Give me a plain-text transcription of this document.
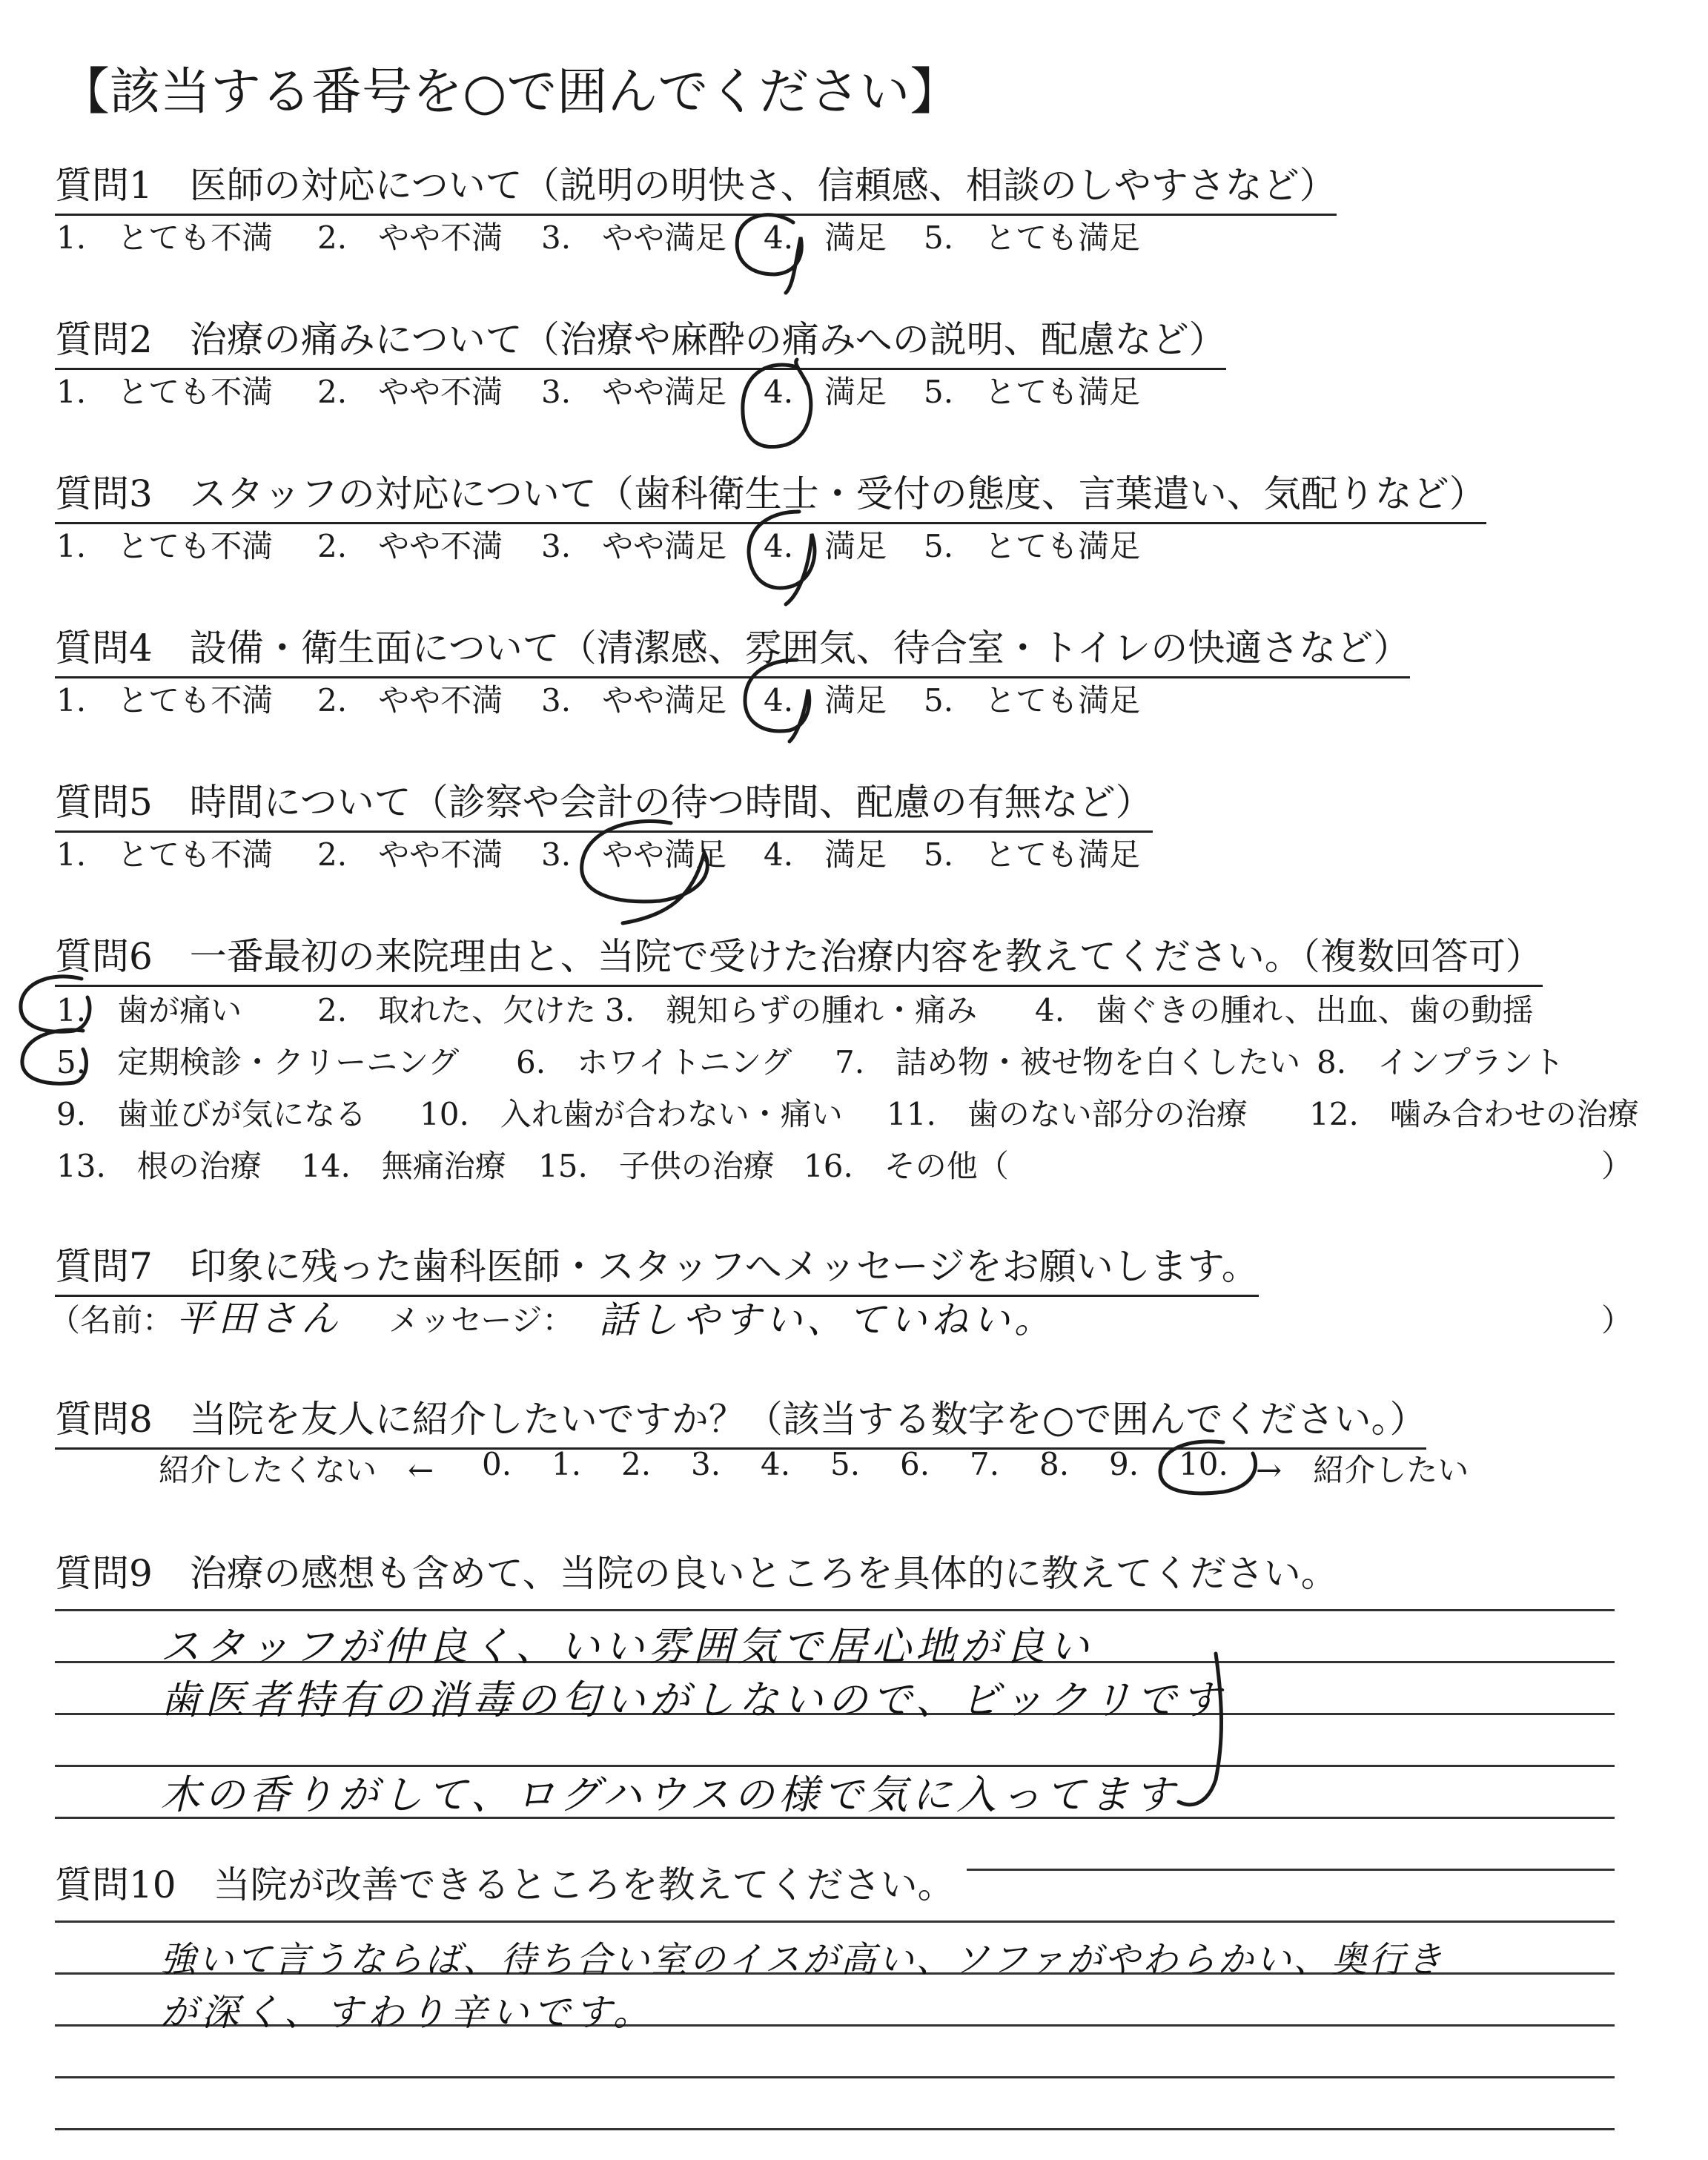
【該当する番号を○で囲んでください】
質問1　医師の対応について（説明の明快さ、信頼感、相談のしやすさなど）
1.　とても不満 2.　やや不満 3.　やや満足 4.　満足 5.　とても満足
質問2　治療の痛みについて（治療や麻酔の痛みへの説明、配慮など）
1.　とても不満 2.　やや不満 3.　やや満足 4.　満足 5.　とても満足
質問3　スタッフの対応について（歯科衛生士・受付の態度、言葉遣い、気配りなど）
1.　とても不満 2.　やや不満 3.　やや満足 4.　満足 5.　とても満足
質問4　設備・衛生面について（清潔感、雰囲気、待合室・トイレの快適さなど）
1.　とても不満 2.　やや不満 3.　やや満足 4.　満足 5.　とても満足
質問5　時間について（診察や会計の待つ時間、配慮の有無など）
1.　とても不満 2.　やや不満 3.　やや満足 4.　満足 5.　とても満足
質問6　一番最初の来院理由と、当院で受けた治療内容を教えてください。（複数回答可）
1.　歯が痛い 2.　取れた、欠けた 3.　親知らずの腫れ・痛み 4.　歯ぐきの腫れ、出血、歯の動揺
5.　定期検診・クリーニング 6.　ホワイトニング 7.　詰め物・被せ物を白くしたい 8.　インプラント
9.　歯並びが気になる 10.　入れ歯が合わない・痛い 11.　歯のない部分の治療 12.　噛み合わせの治療
13.　根の治療 14.　無痛治療 15.　子供の治療 16.　その他（	）
質問7　印象に残った歯科医師・スタッフへメッセージをお願いします。
（名前： 平田さん メッセージ： 話しやすい、ていねい。	）
質問8　当院を友人に紹介したいですか？（該当する数字を○で囲んでください。）
紹介したくない　← 0. 1. 2. 3. 4. 5. 6. 7. 8. 9. 10. →　紹介したい
質問9　治療の感想も含めて、当院の良いところを具体的に教えてください。
スタッフが仲良く、いい雰囲気で居心地が良い
歯医者特有の消毒の匂いがしないので、ビックリです
木の香りがして、ログハウスの様で気に入ってます
質問10　当院が改善できるところを教えてください。
強いて言うならば、待ち合い室のイスが高い、ソファがやわらかい、奥行き
が深く、すわり辛いです。
